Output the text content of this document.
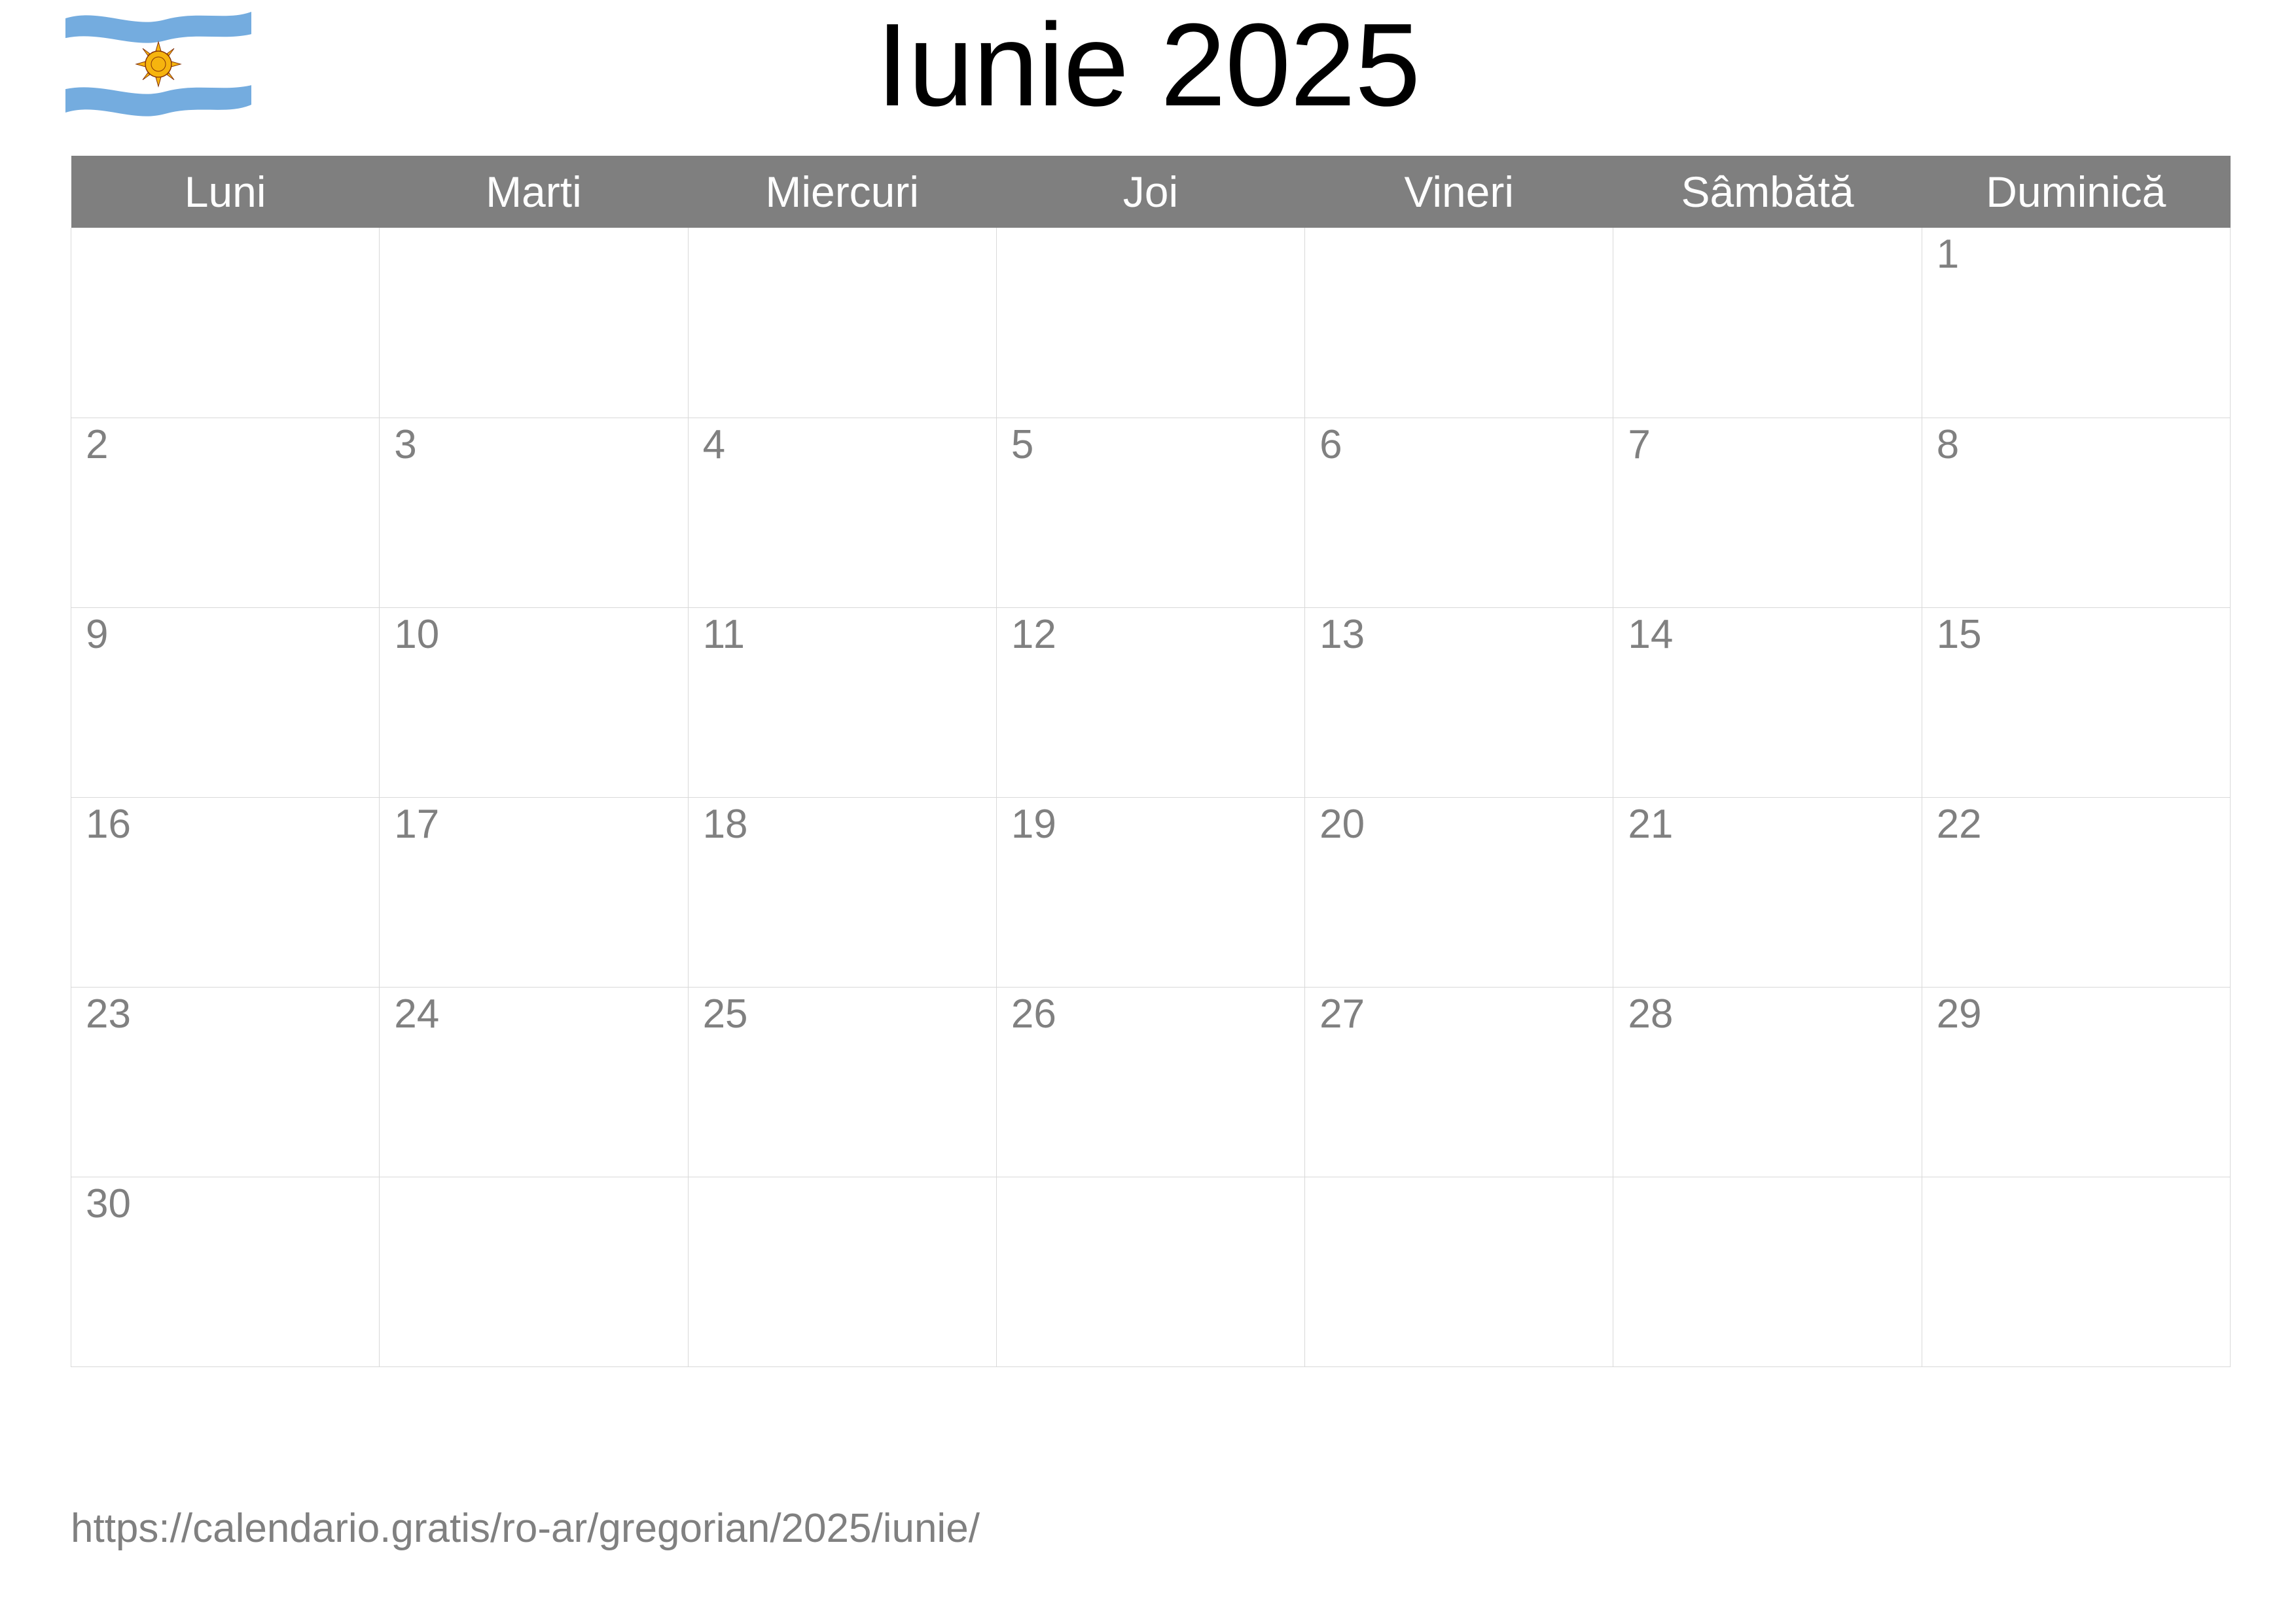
Iunie 2025
Luni	Marti	Miercuri	Joi	Vineri	Sâmbătă	Duminică
						1
2	3	4	5	6	7	8
9	10	11	12	13	14	15
16	17	18	19	20	21	22
23	24	25	26	27	28	29
30						
https://calendario.gratis/ro-ar/gregorian/2025/iunie/
